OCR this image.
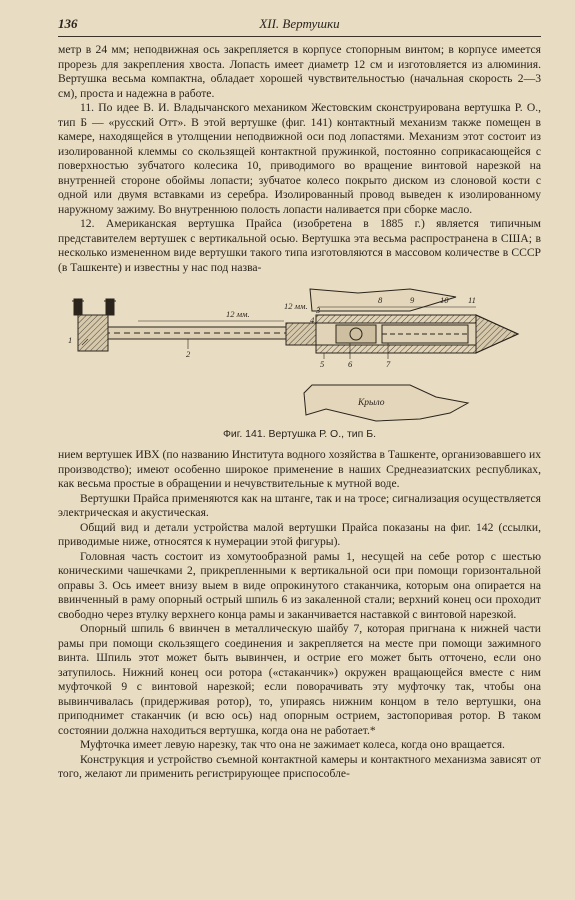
136	XII. Вертушки

метр в 24 мм; неподвижная ось закрепляется в корпусе стопорным винтом; в корпусе имеется прорезь для закрепления хвоста. Лопасть имеет диаметр 12 см и изготовляется из алюминия. Вертушка весьма компактна, обладает хорошей чувствительностью (начальная скорость 2—3 см), проста и надежна в работе.

11. По идее В. И. Владычанского механиком Жестовским сконструирована вертушка Р. О., тип Б — «русский Отт». В этой вертушке (фиг. 141) контактный механизм также помещен в камере, находящейся в утолщении неподвижной оси под лопастями. Механизм этот состоит из изолированной клеммы со скользящей контактной пружинкой, постоянно соприкасающейся с поверхностью зубчатого колесика 10, приводимого во вращение винтовой нарезкой на внутренней стороне обоймы лопасти; зубчатое колесо покрыто диском из слоновой кости с одной или двумя вставками из серебра. Изолированный провод выведен к изолированному наружному зажиму. Во внутреннюю полость лопасти наливается при сборке масло.

12. Американская вертушка Прайса (изобретена в 1885 г.) является типичным представителем вертушек с вертикальной осью. Вертушка эта весьма распространена в США; в несколько измененном виде вертушки такого типа изготовляются в массовом количестве в СССР (в Ташкенте) и известны у нас под назва-

1
2
3
4
5	6	7
8	9	10 11
12 мм.
12 мм.
Крыло
Фиг. 141. Вертушка Р. О., тип Б.

нием вертушек ИВХ (по названию Института водного хозяйства в Ташкенте, организовавшего их производство); имеют особенно широкое применение в наших Среднеазиатских республиках, как весьма простые в обращении и нечувствительные к мутной воде.

Вертушки Прайса применяются как на штанге, так и на тросе; сигнализация осуществляется электрическая и акустическая.

Общий вид и детали устройства малой вертушки Прайса показаны на фиг. 142 (ссылки, приводимые ниже, относятся к нумерации этой фигуры).

Головная часть состоит из хомутообразной рамы 1, несущей на себе ротор с шестью коническими чашечками 2, прикрепленными к вертикальной оси при помощи горизонтальной оправы 3. Ось имеет внизу выем в виде опрокинутого стаканчика, которым она опирается на ввинченный в раму опорный острый шпиль 6 из закаленной стали; верхний конец оси проходит свободно через втулку верхнего конца рамы и заканчивается наставкой с винтовой нарезкой.

Опорный шпиль 6 ввинчен в металлическую шайбу 7, которая пригнана к нижней части рамы при помощи скользящего соединения и закрепляется на месте при помощи зажимного винта. Шпиль этот может быть вывинчен, и острие его может быть отточено, если оно затупилось. Нижний конец оси ротора («стаканчик») окружен вращающейся вместе с ним муфточкой 9 с винтовой нарезкой; если поворачивать эту муфточку так, чтобы она вывинчивалась (придерживая ротор), то, упираясь нижним концом в тело вертушки, она приподнимет стаканчик (и всю ось) над опорным острием, застопоривая ротор. В таком состоянии должна находиться вертушка, когда она не работает.*

Муфточка имеет левую нарезку, так что она не зажимает колеса, когда оно вращается.

Конструкция и устройство съемной контактной камеры и контактного механизма зависят от того, желают ли применить регистрирующее приспособле-
